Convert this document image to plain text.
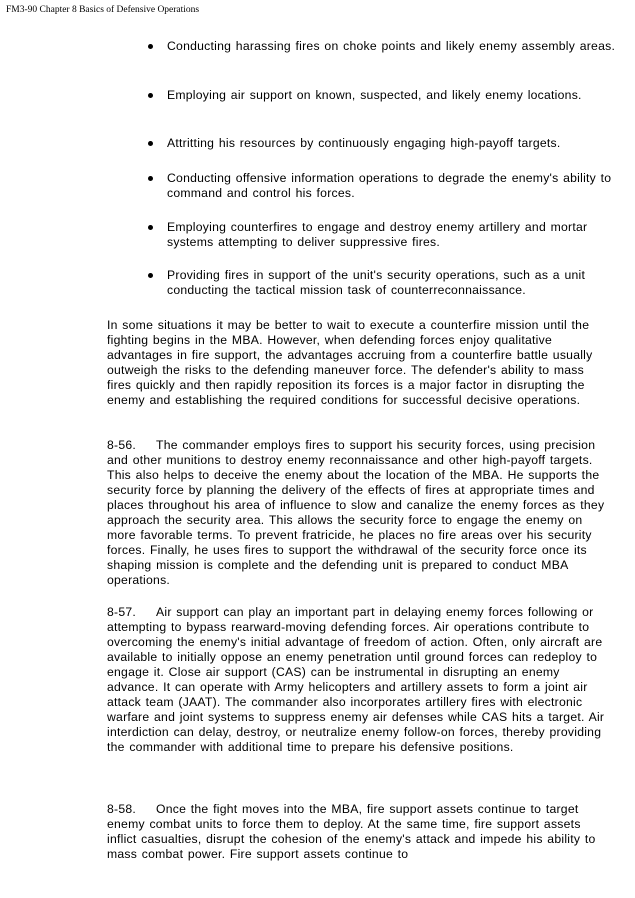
FM3-90 Chapter 8 Basics of Defensive Operations

Conducting harassing fires on choke points and likely enemy assembly areas.
Employing air support on known, suspected, and likely enemy locations.
Attritting his resources by continuously engaging high-payoff targets.
Conducting offensive information operations to degrade the enemy's ability to command and control his forces.
Employing counterfires to engage and destroy enemy artillery and mortar systems attempting to deliver suppressive fires.
Providing fires in support of the unit's security operations, such as a unit conducting the tactical mission task of counterreconnaissance.

In some situations it may be better to wait to execute a counterfire mission until the fighting begins in the MBA. However, when defending forces enjoy qualitative advantages in fire support, the advantages accruing from a counterfire battle usually outweigh the risks to the defending maneuver force. The defender's ability to mass fires quickly and then rapidly reposition its forces is a major factor in disrupting the enemy and establishing the required conditions for successful decisive operations.

8-56. The commander employs fires to support his security forces, using precision and other munitions to destroy enemy reconnaissance and other high-payoff targets. This also helps to deceive the enemy about the location of the MBA. He supports the security force by planning the delivery of the effects of fires at appropriate times and places throughout his area of influence to slow and canalize the enemy forces as they approach the security area. This allows the security force to engage the enemy on more favorable terms. To prevent fratricide, he places no fire areas over his security forces. Finally, he uses fires to support the withdrawal of the security force once its shaping mission is complete and the defending unit is prepared to conduct MBA operations.

8-57. Air support can play an important part in delaying enemy forces following or attempting to bypass rearward-moving defending forces. Air operations contribute to overcoming the enemy's initial advantage of freedom of action. Often, only aircraft are available to initially oppose an enemy penetration until ground forces can redeploy to engage it. Close air support (CAS) can be instrumental in disrupting an enemy advance. It can operate with Army helicopters and artillery assets to form a joint air attack team (JAAT). The commander also incorporates artillery fires with electronic warfare and joint systems to suppress enemy air defenses while CAS hits a target. Air interdiction can delay, destroy, or neutralize enemy follow-on forces, thereby providing the commander with additional time to prepare his defensive positions.

8-58. Once the fight moves into the MBA, fire support assets continue to target enemy combat units to force them to deploy. At the same time, fire support assets inflict casualties, disrupt the cohesion of the enemy's attack and impede his ability to mass combat power. Fire support assets continue to
